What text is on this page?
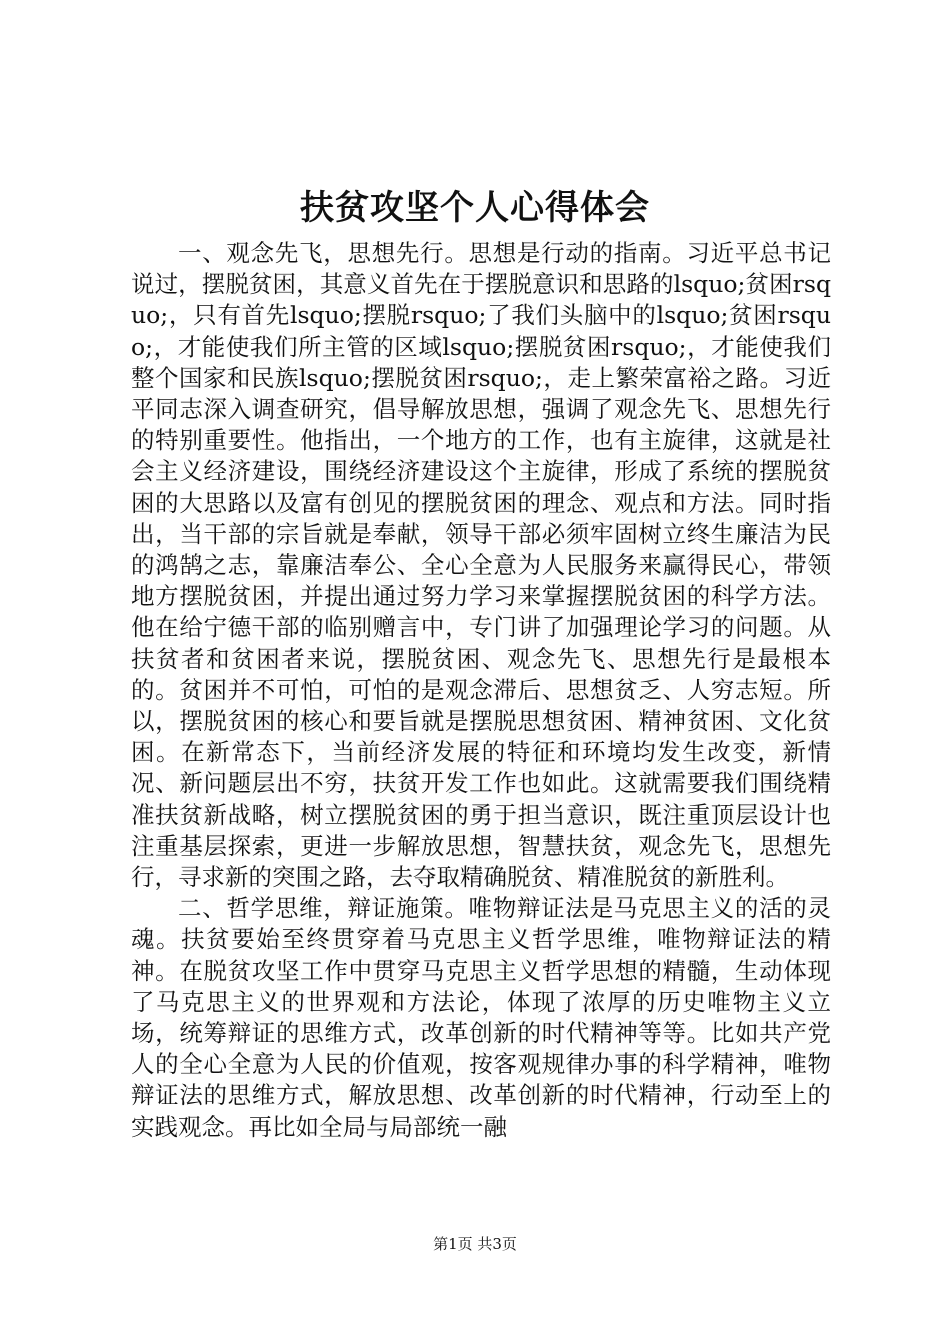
扶贫攻坚个人心得体会

一、观念先飞，思想先行。思想是行动的指南。习近平总书记说过，摆脱贫困，其意义首先在于摆脱意识和思路的lsquo;贫困rsquo;，只有首先lsquo;摆脱rsquo;了我们头脑中的lsquo;贫困rsquo;，才能使我们所主管的区域lsquo;摆脱贫困rsquo;，才能使我们整个国家和民族lsquo;摆脱贫困rsquo;，走上繁荣富裕之路。习近平同志深入调查研究，倡导解放思想，强调了观念先飞、思想先行的特别重要性。他指出，一个地方的工作，也有主旋律，这就是社会主义经济建设，围绕经济建设这个主旋律，形成了系统的摆脱贫困的大思路以及富有创见的摆脱贫困的理念、观点和方法。同时指出，当干部的宗旨就是奉献，领导干部必须牢固树立终生廉洁为民的鸿鹄之志，靠廉洁奉公、全心全意为人民服务来赢得民心，带领地方摆脱贫困，并提出通过努力学习来掌握摆脱贫困的科学方法。他在给宁德干部的临别赠言中，专门讲了加强理论学习的问题。从扶贫者和贫困者来说，摆脱贫困、观念先飞、思想先行是最根本的。贫困并不可怕，可怕的是观念滞后、思想贫乏、人穷志短。所以，摆脱贫困的核心和要旨就是摆脱思想贫困、精神贫困、文化贫困。在新常态下，当前经济发展的特征和环境均发生改变，新情况、新问题层出不穷，扶贫开发工作也如此。这就需要我们围绕精准扶贫新战略，树立摆脱贫困的勇于担当意识，既注重顶层设计也注重基层探索，更进一步解放思想，智慧扶贫，观念先飞，思想先行，寻求新的突围之路，去夺取精确脱贫、精准脱贫的新胜利。

二、哲学思维，辩证施策。唯物辩证法是马克思主义的活的灵魂。扶贫要始至终贯穿着马克思主义哲学思维，唯物辩证法的精神。在脱贫攻坚工作中贯穿马克思主义哲学思想的精髓，生动体现了马克思主义的世界观和方法论，体现了浓厚的历史唯物主义立场，统筹辩证的思维方式，改革创新的时代精神等等。比如共产党人的全心全意为人民的价值观，按客观规律办事的科学精神，唯物辩证法的思维方式，解放思想、改革创新的时代精神，行动至上的实践观念。再比如全局与局部统一融

第1页 共3页
